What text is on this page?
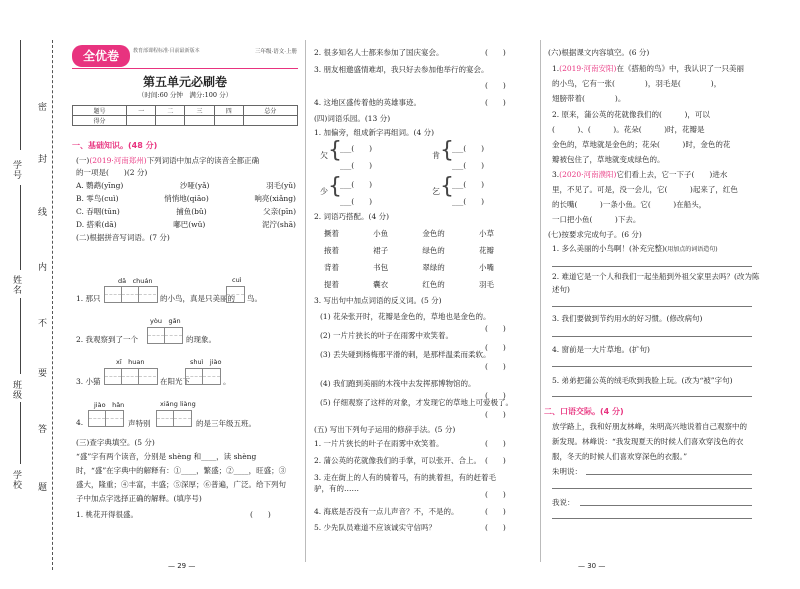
学号
姓名
班级
学校
密
封
线
内
不
要
答
题
全优卷	教育部课程标准·目前最新版本	三年级·语文·上册
第五单元必刷卷
（时间:60 分钟　满分:100 分）
题号	一	二	三	四	总分
得分					
一、基础知识。(48 分)
(一)(2019·河南郑州)下列词语中加点字的读音全都正确
的一项是(　　)(2 分)
A. 鹦鹉(yīng)	沙哑(yǎ)	羽毛(yǔ)
B. 零鸟(cuì)	悄悄地(qiāo)	响亮(xiǎng)
C. 吞咽(tūn)	捕鱼(bǔ)	父亲(pīn)
D. 搭乘(dā)	嘟巴(wǔ)	泥泞(shā)
(二)根据拼音写词语。(7 分)
dā　chuán	cuì
1. 那只	的小鸟，真是只美丽的 鸟。
yòu　gǎn
2. 我观察到了一个	的现象。
xī　huan	shuì　jiào
3. 小猫	在阳光下	。
jiào　hǎn	xiǎng liàng
4.	声特别	的是三年级五班。
(三)查字典填空。(5 分)
“盛”字有两个读音，分别是 shèng 和____，读 shèng
时，“盛”在字典中的解释有：①____，繁盛；②____，旺盛；③
盛大，隆重；④丰富，丰盛；⑤深厚；⑥普遍，广泛。给下列句
子中加点字选择正确的解释。(填序号)
1. 桃花开得很盛。	(　　)
— 29 —
2. 很多知名人士都来参加了国庆宴会。	(　　)
3. 朋友相邀盛情难却，我只好去参加他举行的宴会。
(　　)
4. 这地区盛传着他的英雄事迹。	(　　)
(四)词语乐园。(13 分)
1. 加偏旁，组成新字再组词。(4 分)
欠 {
___(　　)
___(　　)
肯 {
___(　　)
___(　　)
少 {
___(　　)
___(　　)
乞 {
___(　　)
___(　　)
2. 词语巧搭配。(4 分)
撅着	小鱼	金色的	小草
掖着	裙子	绿色的	花瓣
背着	书包	翠绿的	小嘴
提着	囊衣	红色的	羽毛
3. 写出句中加点词语的反义词。(5 分)
(1) 花朵张开时，花瓣是金色的，草地也是金色的。
(　　)
(2) 一片片狭长的叶子在雨雾中欢笑着。
(　　)
(3) 丢失碰到杨梅那平滑的刺，是那样温柔而柔软。
(　　)
(4) 我们跑到美丽的木筏中去发挥那博物馆的。
(　　)
(5) 仔细观察了这样的对象，才发现它的草地上可爱极了。
(　　)
(五) 写出下列句子运用的修辞手法。(5 分)
1. 一片片狭长的叶子在雨雾中欢笑着。	(　　)
2. 蒲公英的花就像我们的手掌，可以张开、合上。 (　　)
3. 走在街上的人有的骑着马，有的挑着担，有的赶着毛驴，有的……
(　　)
4. 海底是否没有一点儿声音？不，不是的。	(　　)
5. 少先队员难道不应该诚实守信吗？	(　　)
(六)根据课文内容填空。(6 分)
1.(2019·河南安阳)在《搭船的鸟》中，我认识了一只美丽
的小鸟，它有一张(　　　　)，羽毛是(　　　　)，
翅膀带着(　　　　)。
2. 原来，蒲公英的花就像我们的(　　　)，可以
(　　　)、(　　　)。花朵(　　　)时，花瓣是
金色的，草地就是金色的；花朵(　　　)时，金色的花
瓣被包住了，草地就变成绿色的。
3.(2020·河南濮阳)它们看上去，它一下子(　　)进水
里，不见了。可是，没一会儿，它(　　　)起来了，红色
的长嘴(　　　)一条小鱼。它(　　　)在船头，
一口把小鱼(　　　)下去。
(七)按要求完成句子。(6 分)
1. 多么美丽的小鸟啊！(补充完整)(用加点的词语造句)
2. 难道它是一个人和我们一起坐船到外祖父家里去吗？(改为陈
述句)
3. 我们要做到节约用水的好习惯。(修改病句)
4. 窗前是一大片草地。(扩句)
5. 弟弟把蒲公英的绒毛吹到我脸上玩。(改为“被”字句)
二、口语交际。(4 分)
放学路上，我和好朋友林峰，朱明高兴地说着自己观察中的
新发现。林峰说：“我发现夏天的时候人们喜欢穿浅色的衣
服，冬天的时候人们喜欢穿深色的衣服。”
朱明说：
我说：
— 30 —
